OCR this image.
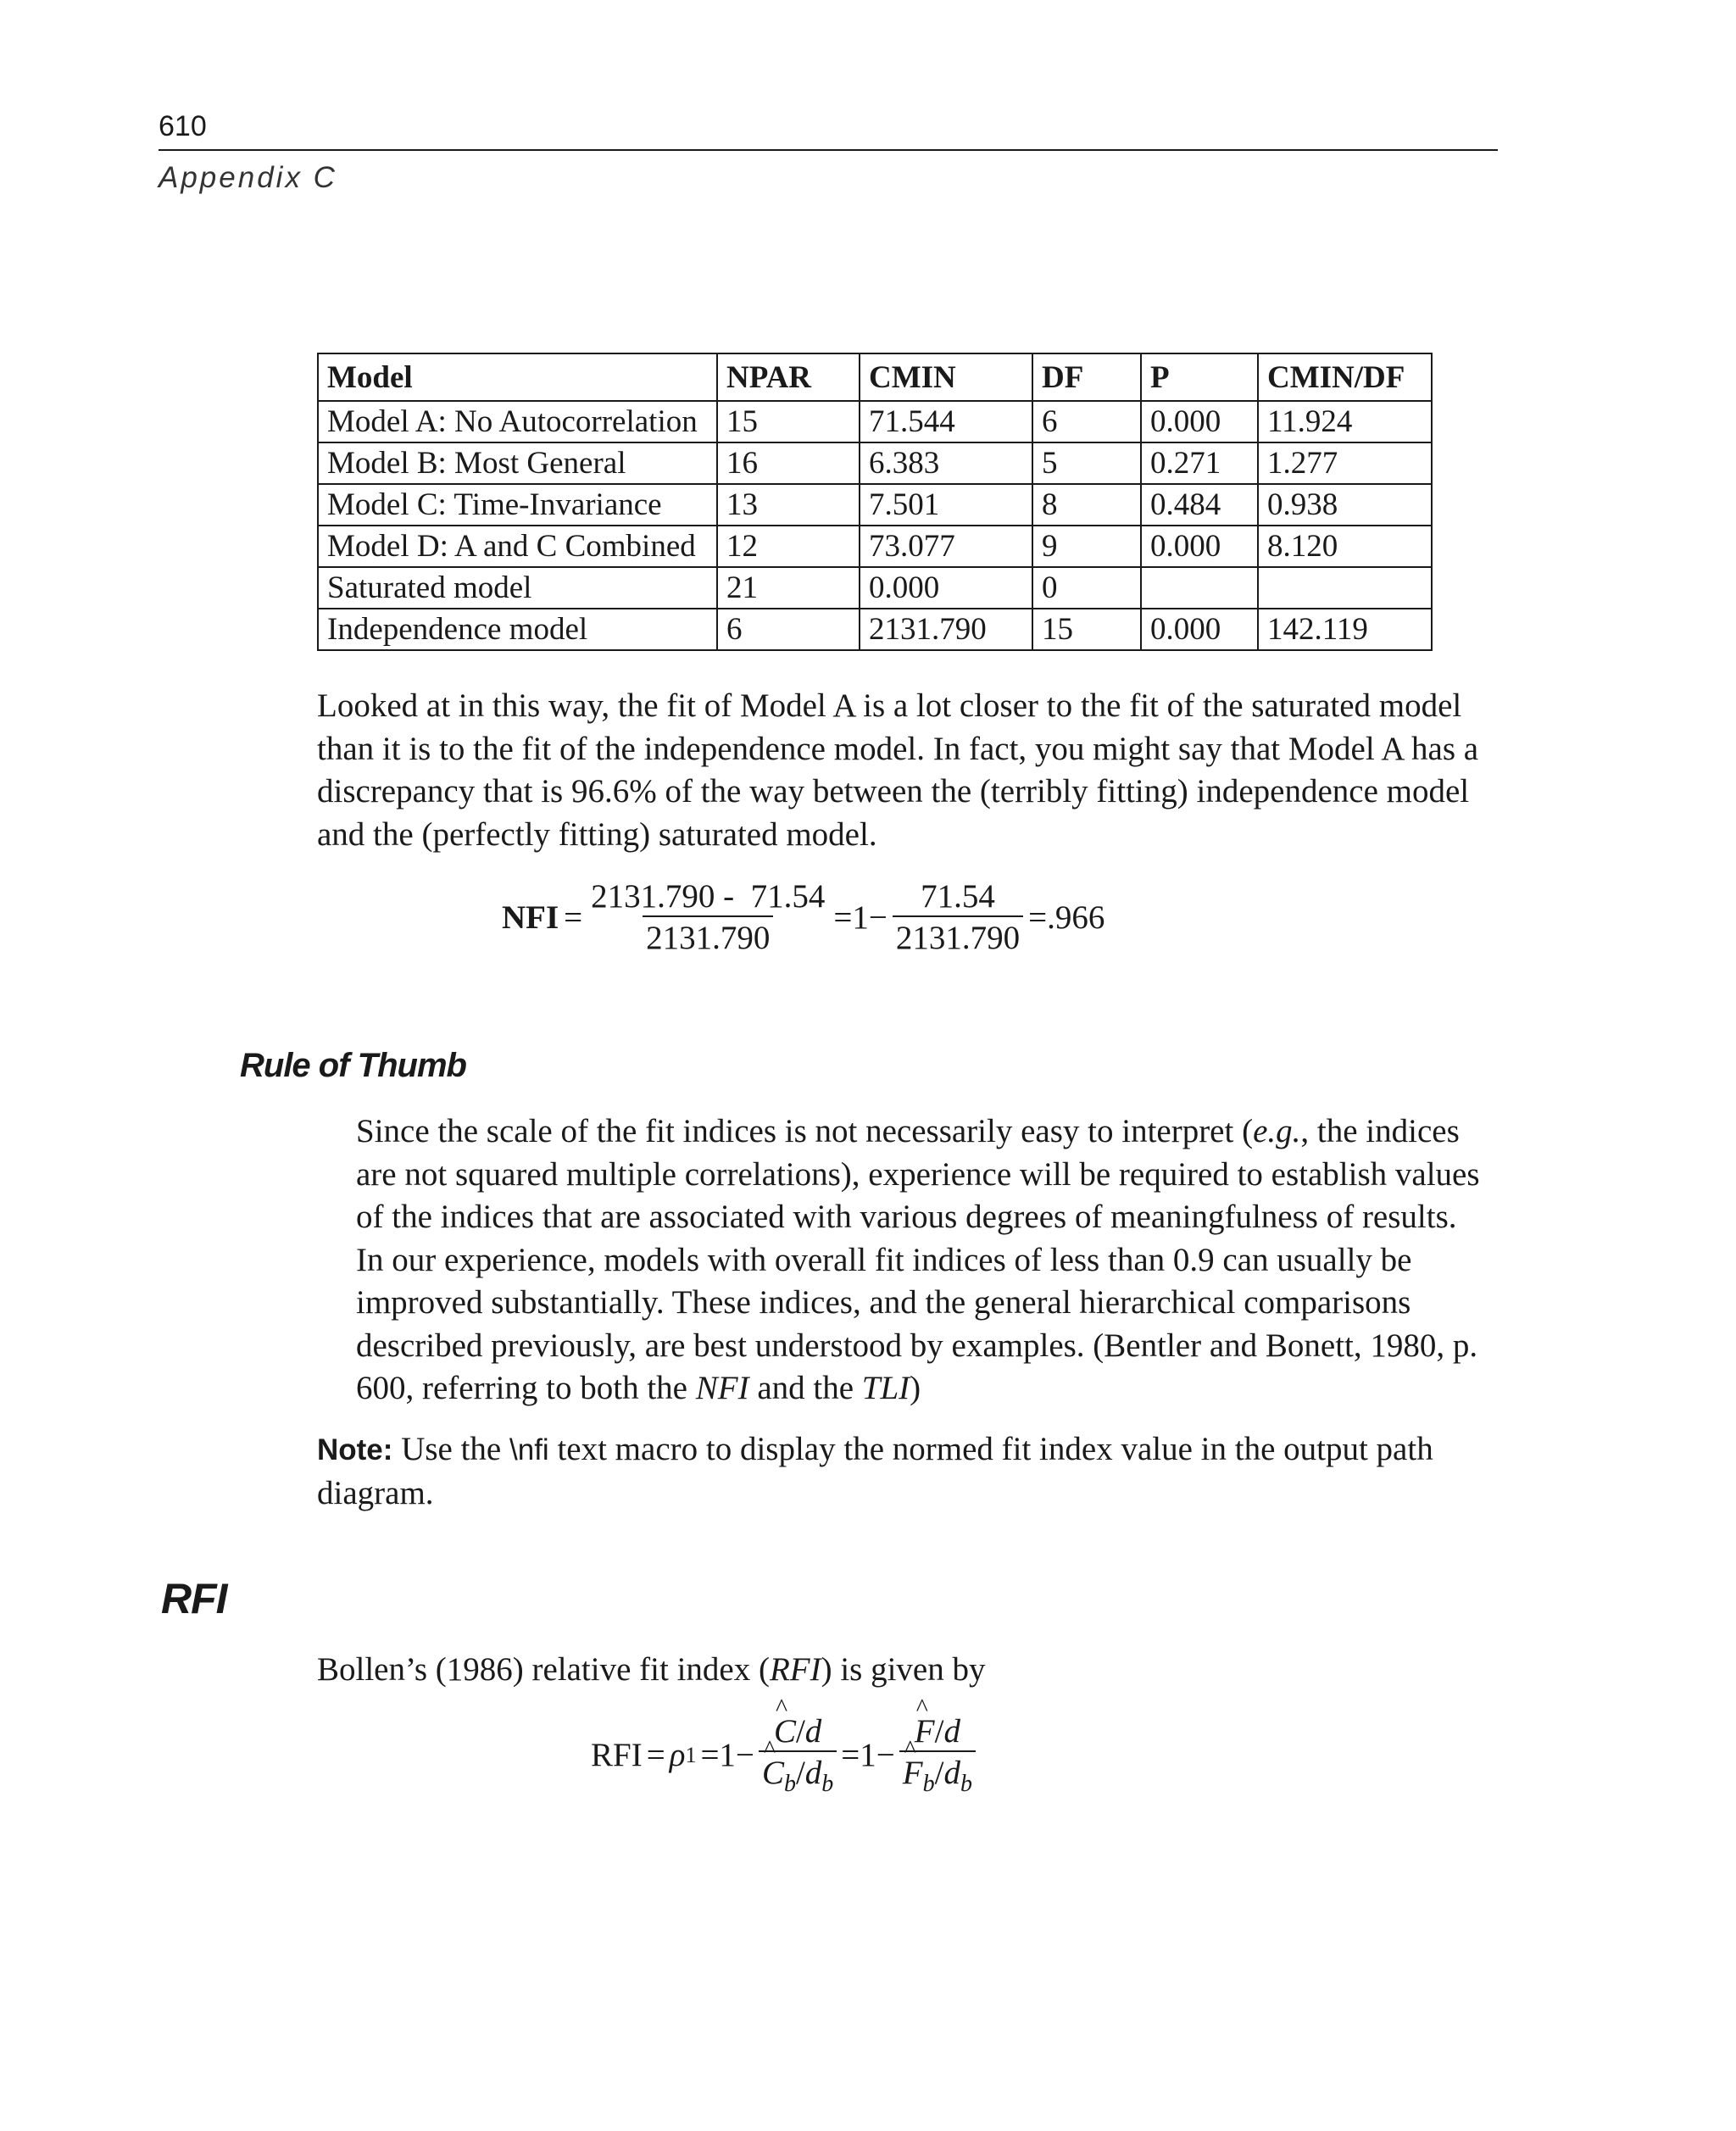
610
Appendix C
Model	NPAR	CMIN	DF	P	CMIN/DF
Model A: No Autocorrelation	15	71.544	6	0.000	11.924
Model B: Most General	16	6.383	5	0.271	1.277
Model C: Time-Invariance	13	7.501	8	0.484	0.938
Model D: A and C Combined	12	73.077	9	0.000	8.120
Saturated model	21	0.000	0		
Independence model	6	2131.790	15	0.000	142.119

Looked at in this way, the fit of Model A is a lot closer to the fit of the saturated model than it is to the fit of the independence model. In fact, you might say that Model A has a discrepancy that is 96.6% of the way between the (terribly fitting) independence model and the (perfectly fitting) saturated model.

NFI = $\frac{2131.790 - 71.54}{2131.790} =1- \frac{71.54}{2131.790} =.966$
Rule of Thumb

Since the scale of the fit indices is not necessarily easy to interpret (e.g., the indices are not squared multiple correlations), experience will be required to establish values of the indices that are associated with various degrees of meaningfulness of results. In our experience, models with overall fit indices of less than 0.9 can usually be improved substantially. These indices, and the general hierarchical comparisons described previously, are best understood by examples. (Bentler and Bonett, 1980, p. 600, referring to both the NFI and the TLI)

Note: Use the \nfi text macro to display the normed fit index value in the output path diagram.

RFI

Bollen’s (1986) relative fit index (RFI) is given by

RFI = ρ 1 =1− ^ C/d
^ $C_b/d_b =1-$ ^ F/d
^ $F_b/d_b$
